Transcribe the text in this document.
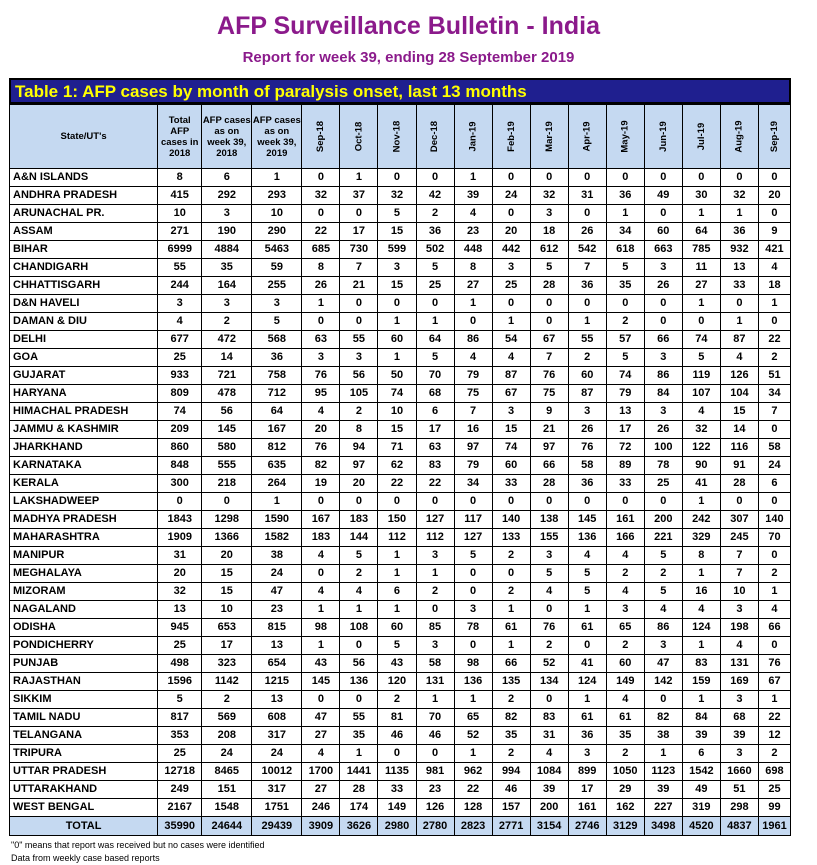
AFP Surveillance Bulletin - India
Report for week 39, ending 28 September 2019
Table 1: AFP cases by month of paralysis onset, last 13 months
State/UT's	Total AFP cases in 2018	AFP cases as on week 39, 2018	AFP cases as on week 39, 2019	Sep-18	Oct-18	Nov-18	Dec-18	Jan-19	Feb-19	Mar-19	Apr-19	May-19	Jun-19	Jul-19	Aug-19	Sep-19
A&N ISLANDS	8	6	1	0	1	0	0	1	0	0	0	0	0	0	0	0
ANDHRA PRADESH	415	292	293	32	37	32	42	39	24	32	31	36	49	30	32	20
ARUNACHAL PR.	10	3	10	0	0	5	2	4	0	3	0	1	0	1	1	0
ASSAM	271	190	290	22	17	15	36	23	20	18	26	34	60	64	36	9
BIHAR	6999	4884	5463	685	730	599	502	448	442	612	542	618	663	785	932	421
CHANDIGARH	55	35	59	8	7	3	5	8	3	5	7	5	3	11	13	4
CHHATTISGARH	244	164	255	26	21	15	25	27	25	28	36	35	26	27	33	18
D&N HAVELI	3	3	3	1	0	0	0	1	0	0	0	0	0	1	0	1
DAMAN & DIU	4	2	5	0	0	1	1	0	1	0	1	2	0	0	1	0
DELHI	677	472	568	63	55	60	64	86	54	67	55	57	66	74	87	22
GOA	25	14	36	3	3	1	5	4	4	7	2	5	3	5	4	2
GUJARAT	933	721	758	76	56	50	70	79	87	76	60	74	86	119	126	51
HARYANA	809	478	712	95	105	74	68	75	67	75	87	79	84	107	104	34
HIMACHAL PRADESH	74	56	64	4	2	10	6	7	3	9	3	13	3	4	15	7
JAMMU & KASHMIR	209	145	167	20	8	15	17	16	15	21	26	17	26	32	14	0
JHARKHAND	860	580	812	76	94	71	63	97	74	97	76	72	100	122	116	58
KARNATAKA	848	555	635	82	97	62	83	79	60	66	58	89	78	90	91	24
KERALA	300	218	264	19	20	22	22	34	33	28	36	33	25	41	28	6
LAKSHADWEEP	0	0	1	0	0	0	0	0	0	0	0	0	0	1	0	0
MADHYA PRADESH	1843	1298	1590	167	183	150	127	117	140	138	145	161	200	242	307	140
MAHARASHTRA	1909	1366	1582	183	144	112	112	127	133	155	136	166	221	329	245	70
MANIPUR	31	20	38	4	5	1	3	5	2	3	4	4	5	8	7	0
MEGHALAYA	20	15	24	0	2	1	1	0	0	5	5	2	2	1	7	2
MIZORAM	32	15	47	4	4	6	2	0	2	4	5	4	5	16	10	1
NAGALAND	13	10	23	1	1	1	0	3	1	0	1	3	4	4	3	4
ODISHA	945	653	815	98	108	60	85	78	61	76	61	65	86	124	198	66
PONDICHERRY	25	17	13	1	0	5	3	0	1	2	0	2	3	1	4	0
PUNJAB	498	323	654	43	56	43	58	98	66	52	41	60	47	83	131	76
RAJASTHAN	1596	1142	1215	145	136	120	131	136	135	134	124	149	142	159	169	67
SIKKIM	5	2	13	0	0	2	1	1	2	0	1	4	0	1	3	1
TAMIL NADU	817	569	608	47	55	81	70	65	82	83	61	61	82	84	68	22
TELANGANA	353	208	317	27	35	46	46	52	35	31	36	35	38	39	39	12
TRIPURA	25	24	24	4	1	0	0	1	2	4	3	2	1	6	3	2
UTTAR PRADESH	12718	8465	10012	1700	1441	1135	981	962	994	1084	899	1050	1123	1542	1660	698
UTTARAKHAND	249	151	317	27	28	33	23	22	46	39	17	29	39	49	51	25
WEST BENGAL	2167	1548	1751	246	174	149	126	128	157	200	161	162	227	319	298	99
TOTAL	35990	24644	29439	3909	3626	2980	2780	2823	2771	3154	2746	3129	3498	4520	4837	1961
"0" means that report was received but no cases were identified
Data from weekly case based reports
